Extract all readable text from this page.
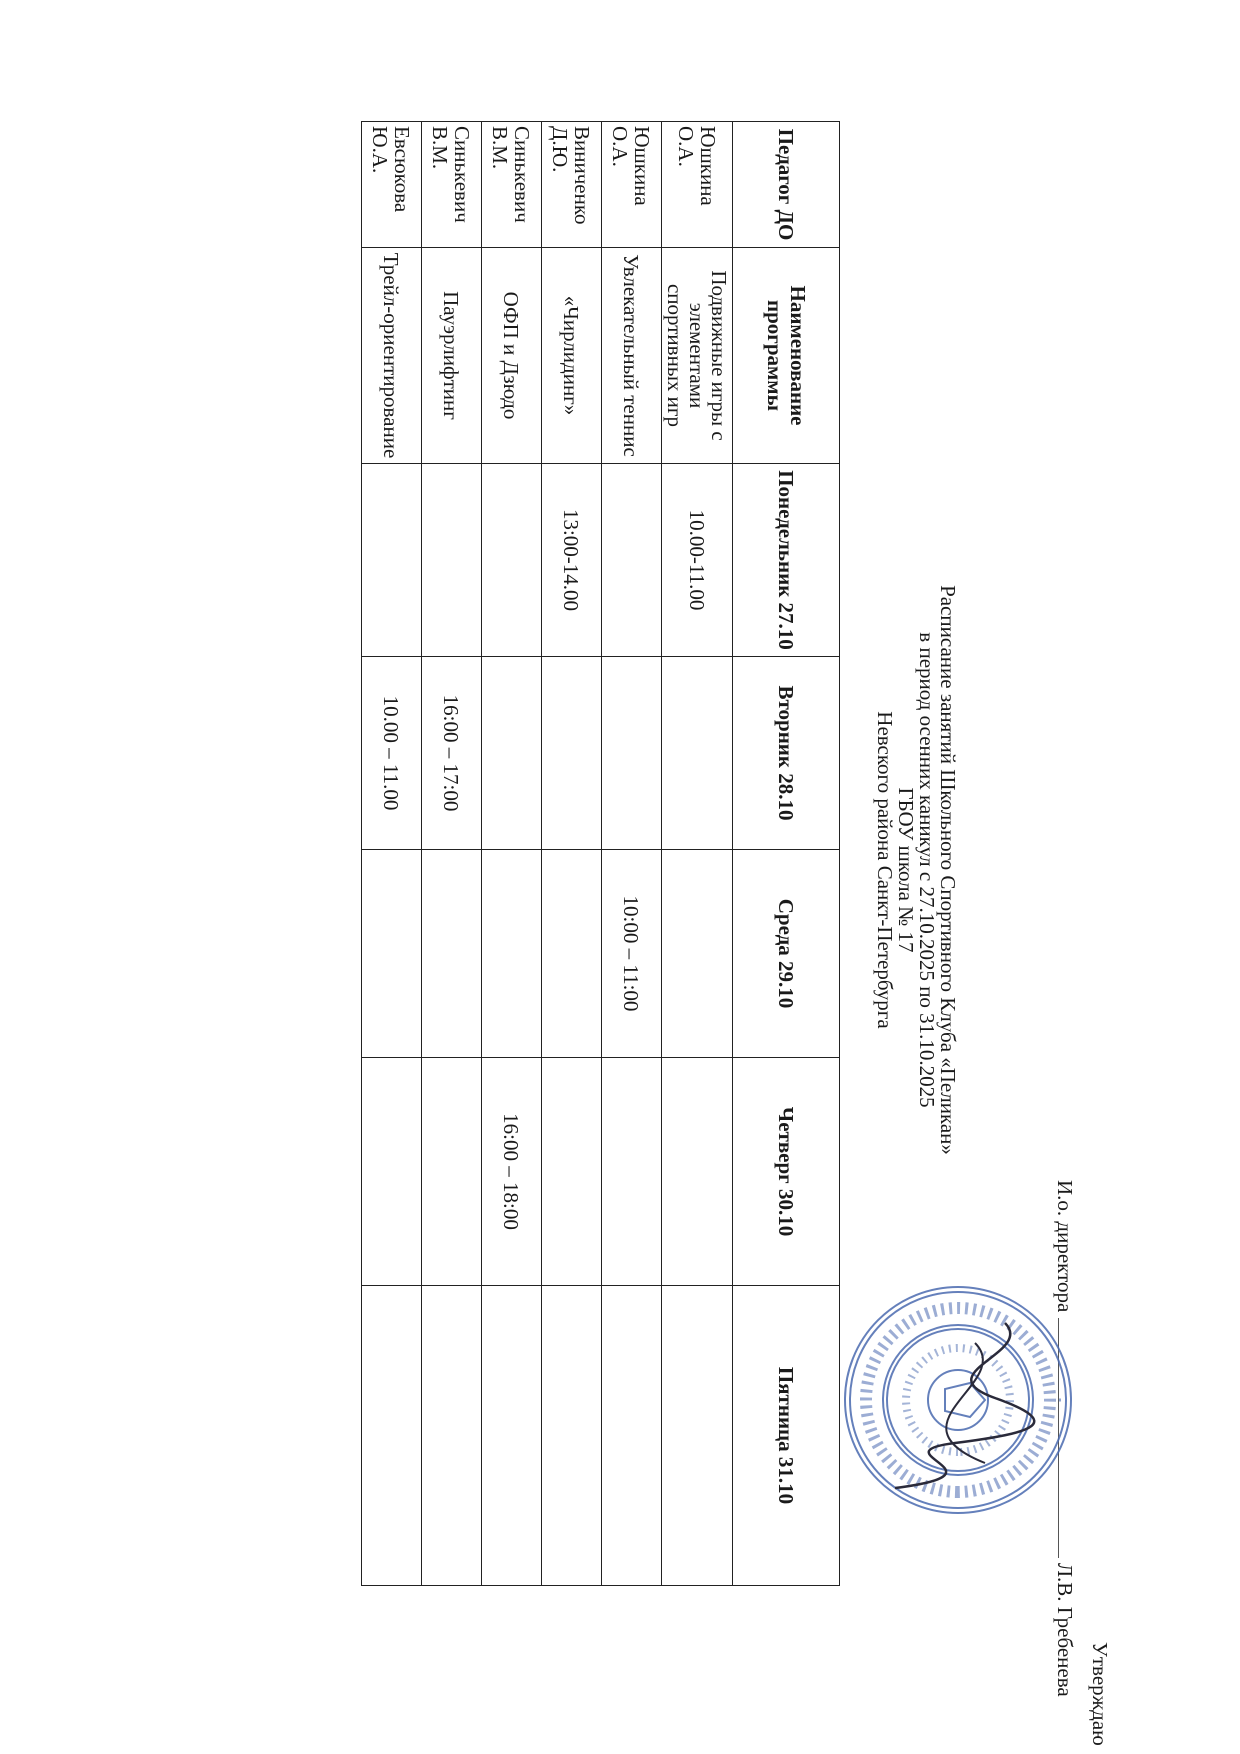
Утверждаю
И.о. директора  Л.В. Гребенева
Расписание занятий Школьного Спортивного Клуба «Пеликан»
в период осенних каникул с 27.10.2025 по 31.10.2025
ГБОУ школа № 17
Невского района Санкт-Петербурга
Педагог ДО	Наименование программы	Понедельник 27.10	Вторник 28.10	Среда 29.10	Четверг 30.10	Пятница 31.10
Юшкина О.А.	Подвижные игры с элементами спортивных игр	10.00-11.00				
Юшкина О.А.	Увлекательный теннис			10:00 – 11:00		
Виниченко Д.Ю.	«Чирлидинг»	13:00-14.00				
Синькевич В.М.	ОФП и Дзюдо				16:00 – 18:00	
Синькевич В.М.	Пауэрлифтинг		16:00 – 17:00			
Евсюкова Ю.А.	Трейл-ориентирование		10.00 – 11.00			
